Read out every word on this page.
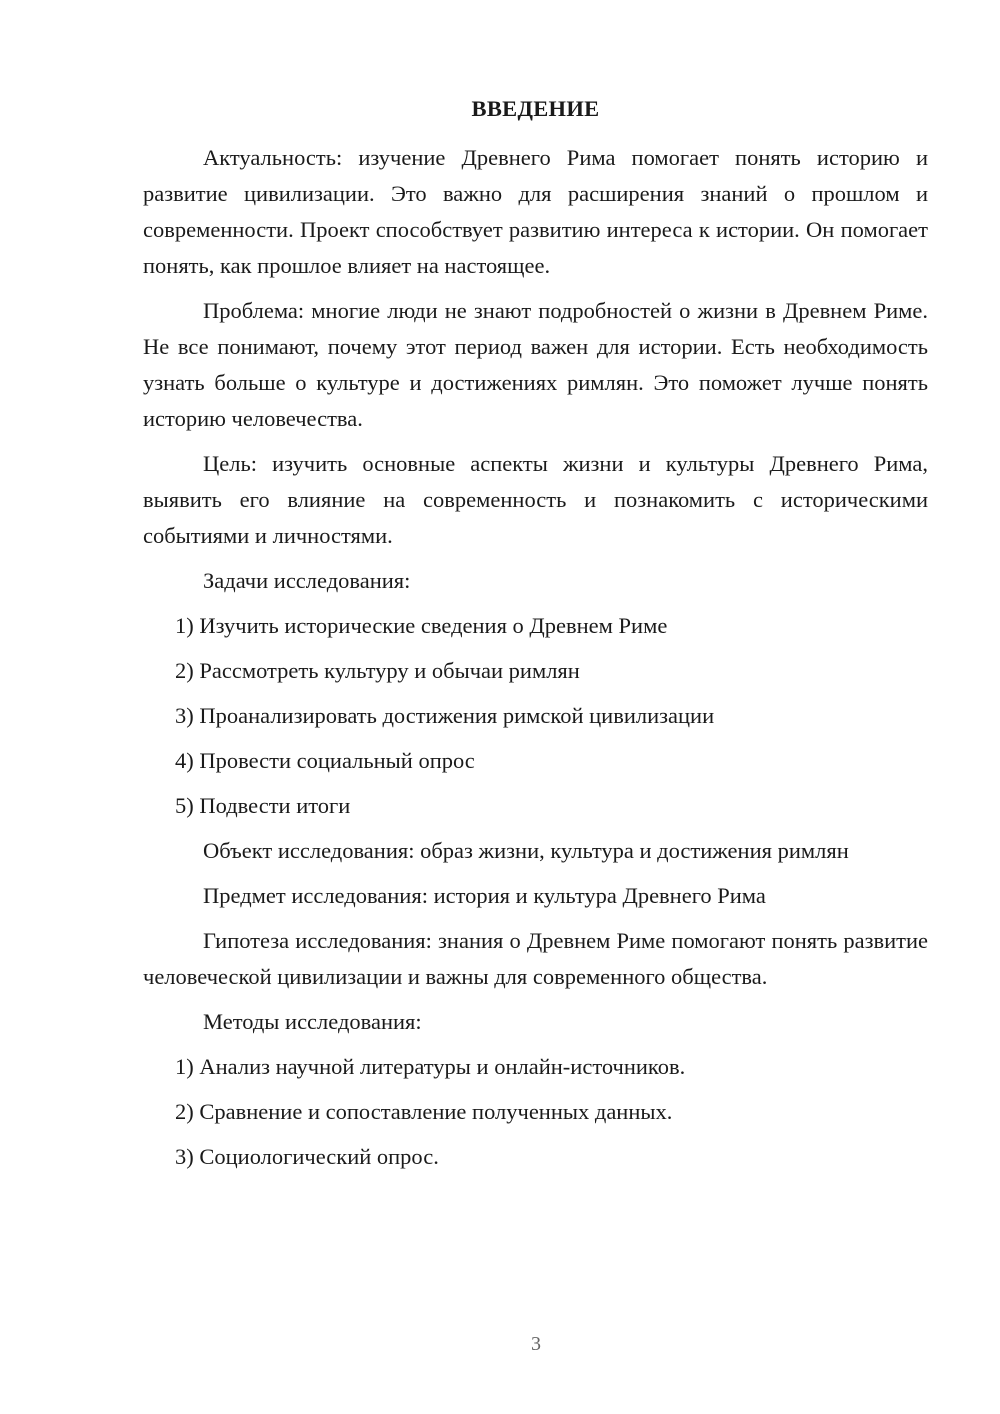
ВВЕДЕНИЕ

Актуальность: изучение Древнего Рима помогает понять историю и развитие цивилизации. Это важно для расширения знаний о прошлом и современности. Проект способствует развитию интереса к истории. Он помогает понять, как прошлое влияет на настоящее.

Проблема: многие люди не знают подробностей о жизни в Древнем Риме. Не все понимают, почему этот период важен для истории. Есть необходимость узнать больше о культуре и достижениях римлян. Это поможет лучше понять историю человечества.

Цель: изучить основные аспекты жизни и культуры Древнего Рима, выявить его влияние на современность и познакомить с историческими событиями и личностями.

Задачи исследования:

1) Изучить исторические сведения о Древнем Риме

2) Рассмотреть культуру и обычаи римлян

3) Проанализировать достижения римской цивилизации

4) Провести социальный опрос

5) Подвести итоги

Объект исследования: образ жизни, культура и достижения римлян

Предмет исследования: история и культура Древнего Рима

Гипотеза исследования: знания о Древнем Риме помогают понять развитие человеческой цивилизации и важны для современного общества.

Методы исследования:

1) Анализ научной литературы и онлайн-источников.

2) Сравнение и сопоставление полученных данных.

3) Социологический опрос.

3
